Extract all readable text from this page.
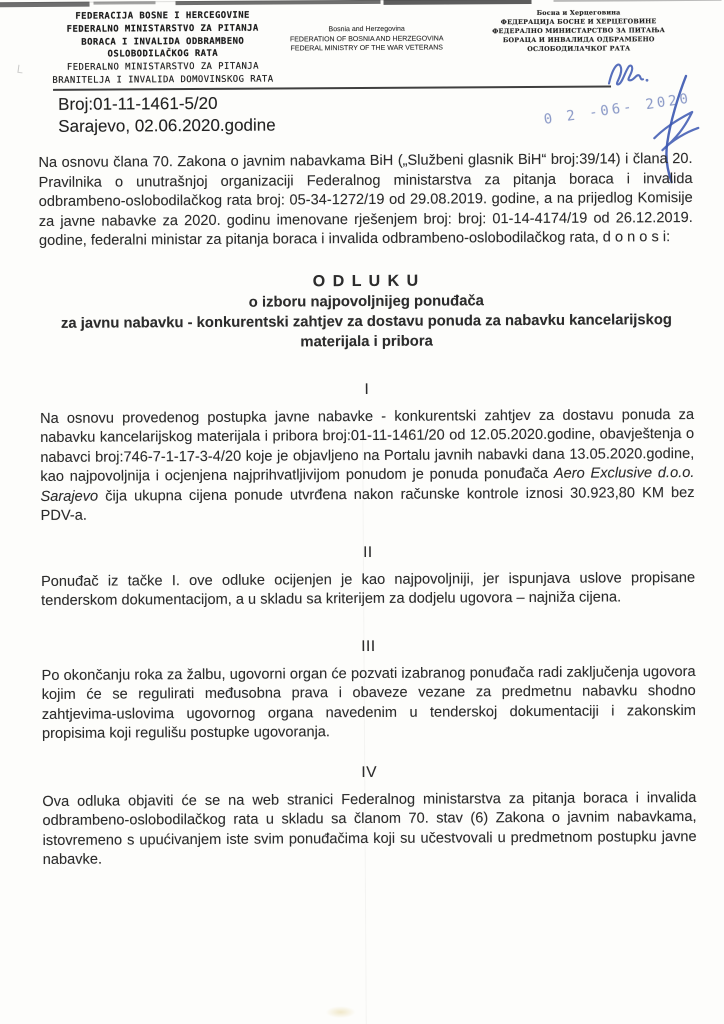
FEDERACIJA BOSNE I HERCEGOVINE
FEDERALNO MINISTARSTVO ZA PITANJA
BORACA I INVALIDA ODBRAMBENO
OSLOBODILAČKOG RATA
FEDERALNO MINISTARSTVO ZA PITANJA
BRANITELJA I INVALIDA DOMOVINSKOG RATA
Bosnia and Herzegovina
FEDERATION OF BOSNIA AND HERZEGOVINA
FEDERAL MINISTRY OF THE WAR VETERANS
Босна и Херцеговина
ФЕДЕРАЦИЈА БОСНЕ И ХЕРЦЕГОВИНЕ
ФЕДЕРАЛНО МИНИСТАРСТВО ЗА ПИТАЊА
БОРАЦА И ИНВАЛИДА ОДБРАМБЕНО
ОСЛОБОДИЛАЧКОГ РАТА
Broj:01-11-1461-5/20
Sarajevo, 02.06.2020.godine	0 2 -06- 2020

Na osnovu člana 70. Zakona o javnim nabavkama BiH („Službeni glasnik BiH“ broj:39/14) i člana 20. Pravilnika o unutrašnjoj organizaciji Federalnog ministarstva za pitanja boraca i invalida odbrambeno-oslobodilačkog rata broj: 05-34-1272/19 od 29.08.2019. godine, a na prijedlog Komisije za javne nabavke za 2020. godinu imenovane rješenjem broj: broj: 01-14-4174/19 od 26.12.2019. godine, federalni ministar za pitanja boraca i invalida odbrambeno-oslobodilačkog rata, d o n o s i:

O D L U K U
o izboru najpovoljnijeg ponuđača
za javnu nabavku - konkurentski zahtjev za dostavu ponuda za nabavku kancelarijskog materijala i pribora
I

Na osnovu provedenog postupka javne nabavke - konkurentski zahtjev za dostavu ponuda za nabavku kancelarijskog materijala i pribora broj:01-11-1461/20 od 12.05.2020.godine, obavještenja o nabavci broj:746-7-1-17-3-4/20 koje je objavljeno na Portalu javnih nabavki dana 13.05.2020.godine, kao najpovoljnija i ocjenjena najprihvatljivijom ponudom je ponuda ponuđača Aero Exclusive d.o.o. Sarajevo čija ukupna cijena ponude utvrđena nakon računske kontrole iznosi 30.923,80 KM bez PDV-a.

II

Ponuđač iz tačke I. ove odluke ocijenjen je kao najpovoljniji, jer ispunjava uslove propisane tenderskom dokumentacijom, a u skladu sa kriterijem za dodjelu ugovora – najniža cijena.

III

Po okončanju roka za žalbu, ugovorni organ će pozvati izabranog ponuđača radi zaključenja ugovora kojim će se regulirati međusobna prava i obaveze vezane za predmetnu nabavku shodno zahtjevima-uslovima ugovornog organa navedenim u tenderskoj dokumentaciji i zakonskim propisima koji regulišu postupke ugovoranja.

IV

Ova odluka objaviti će se na web stranici Federalnog ministarstva za pitanja boraca i invalida odbrambeno-oslobodilačkog rata u skladu sa članom 70. stav (6) Zakona o javnim nabavkama, istovremeno s upućivanjem iste svim ponuđačima koji su učestvovali u predmetnom postupku javne nabavke.
